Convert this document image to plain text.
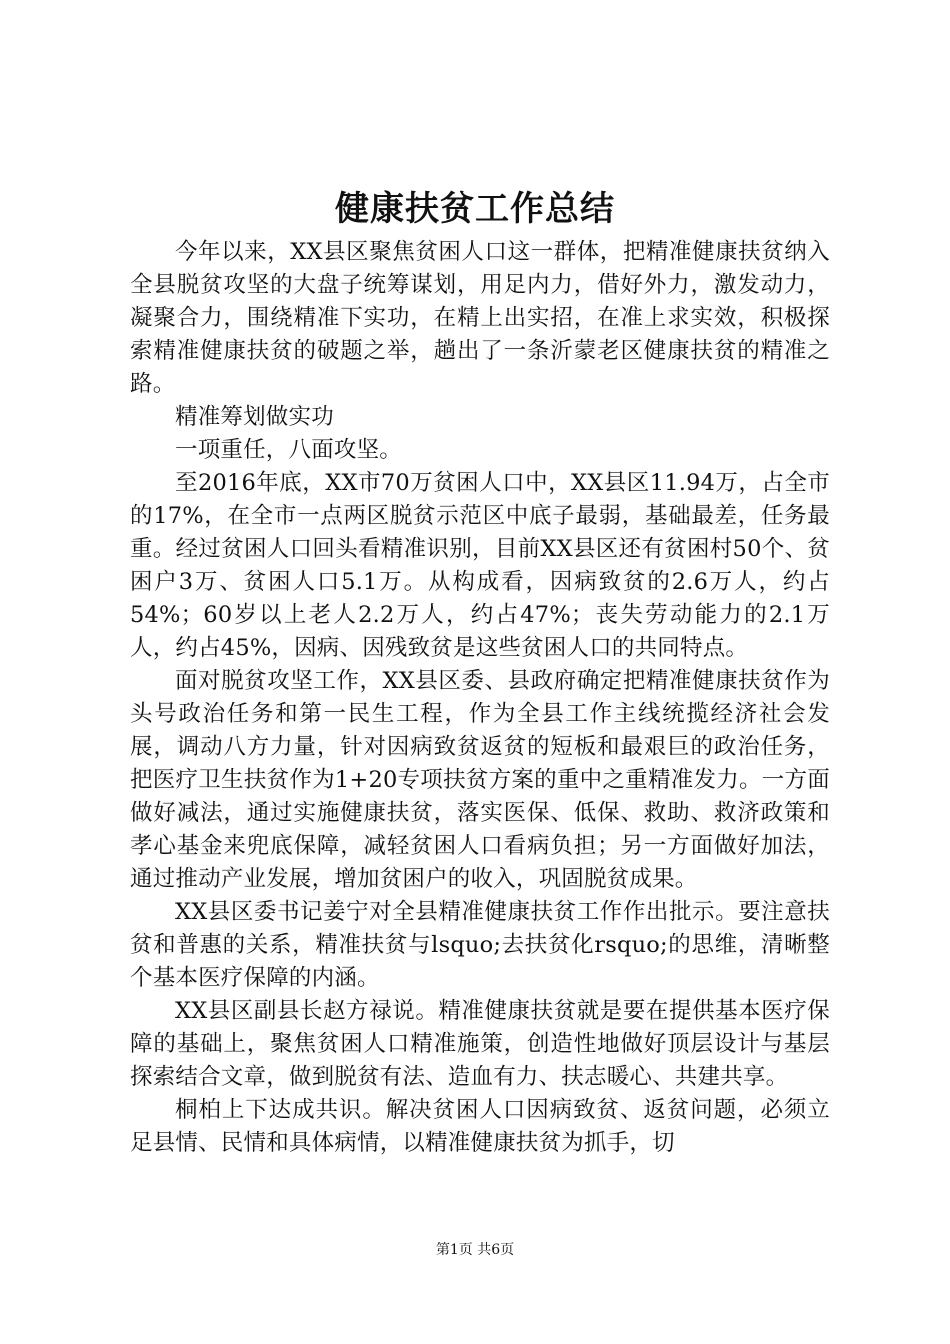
健康扶贫工作总结

今年以来，XX县区聚焦贫困人口这一群体，把精准健康扶贫纳入全县脱贫攻坚的大盘子统筹谋划，用足内力，借好外力，激发动力，凝聚合力，围绕精准下实功，在精上出实招，在准上求实效，积极探索精准健康扶贫的破题之举，趟出了一条沂蒙老区健康扶贫的精准之路。

精准筹划做实功

一项重任，八面攻坚。

至2016年底，XX市70万贫困人口中，XX县区11.94万，占全市的17%，在全市一点两区脱贫示范区中底子最弱，基础最差，任务最重。经过贫困人口回头看精准识别，目前XX县区还有贫困村50个、贫困户3万、贫困人口5.1万。从构成看，因病致贫的2.6万人，约占54%；60岁以上老人2.2万人，约占47%；丧失劳动能力的2.1万人，约占45%，因病、因残致贫是这些贫困人口的共同特点。

面对脱贫攻坚工作，XX县区委、县政府确定把精准健康扶贫作为头号政治任务和第一民生工程，作为全县工作主线统揽经济社会发展，调动八方力量，针对因病致贫返贫的短板和最艰巨的政治任务，把医疗卫生扶贫作为1+20专项扶贫方案的重中之重精准发力。一方面做好减法，通过实施健康扶贫，落实医保、低保、救助、救济政策和孝心基金来兜底保障，减轻贫困人口看病负担；另一方面做好加法，通过推动产业发展，增加贫困户的收入，巩固脱贫成果。

XX县区委书记姜宁对全县精准健康扶贫工作作出批示。要注意扶贫和普惠的关系，精准扶贫与lsquo;去扶贫化rsquo;的思维，清晰整个基本医疗保障的内涵。

XX县区副县长赵方禄说。精准健康扶贫就是要在提供基本医疗保障的基础上，聚焦贫困人口精准施策，创造性地做好顶层设计与基层探索结合文章，做到脱贫有法、造血有力、扶志暖心、共建共享。

桐柏上下达成共识。解决贫困人口因病致贫、返贫问题，必须立足县情、民情和具体病情，以精准健康扶贫为抓手，切

第1页 共6页
